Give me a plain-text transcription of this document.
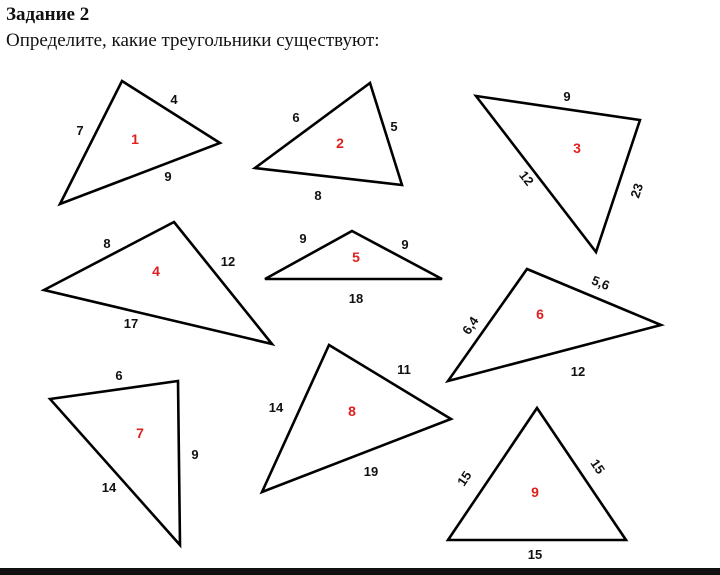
Задание 2
Определите, какие треугольники существуют:
1
4
7
9
2
6
5
8
3
9
12
23
4
8
12
17
5
9	9
18
6
5,6
6,4
12
7
6
9
14
8
14
11
19
9
15
15
15
